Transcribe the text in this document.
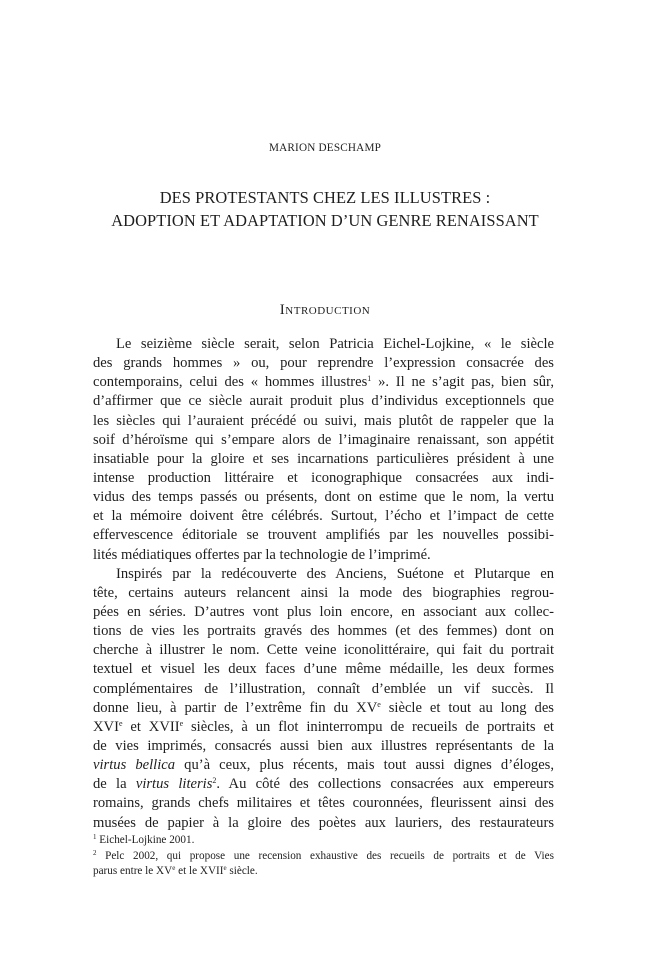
MARION DESCHAMP
DES PROTESTANTS CHEZ LES ILLUSTRES :
ADOPTION ET ADAPTATION D’UN GENRE RENAISSANT
Introduction
Le seizième siècle serait, selon Patricia Eichel-Lojkine, « le siècle
des grands hommes » ou, pour reprendre l’expression consacrée des
contemporains, celui des « hommes illustres$^1$ ». Il ne s’agit pas, bien sûr,
d’affirmer que ce siècle aurait produit plus d’individus exceptionnels que
les siècles qui l’auraient précédé ou suivi, mais plutôt de rappeler que la
soif d’héroïsme qui s’empare alors de l’imaginaire renaissant, son appétit
insatiable pour la gloire et ses incarnations particulières président à une
intense production littéraire et iconographique consacrées aux indi-
vidus des temps passés ou présents, dont on estime que le nom, la vertu
et la mémoire doivent être célébrés. Surtout, l’écho et l’impact de cette
effervescence éditoriale se trouvent amplifiés par les nouvelles possibi-
lités médiatiques offertes par la technologie de l’imprimé.
Inspirés par la redécouverte des Anciens, Suétone et Plutarque en
tête, certains auteurs relancent ainsi la mode des biographies regrou-
pées en séries. D’autres vont plus loin encore, en associant aux collec-
tions de vies les portraits gravés des hommes (et des femmes) dont on
cherche à illustrer le nom. Cette veine iconolittéraire, qui fait du portrait
textuel et visuel les deux faces d’une même médaille, les deux formes
complémentaires de l’illustration, connaît d’emblée un vif succès. Il
donne lieu, à partir de l’extrême fin du XVe siècle et tout au long des
XVIe et XVIIe siècles, à un flot ininterrompu de recueils de portraits et
de vies imprimés, consacrés aussi bien aux illustres représentants de la
virtus bellica qu’à ceux, plus récents, mais tout aussi dignes d’éloges,
de la virtus literis$^2$. Au côté des collections consacrées aux empereurs
romains, grands chefs militaires et têtes couronnées, fleurissent ainsi des
musées de papier à la gloire des poètes aux lauriers, des restaurateurs
$^1$ Eichel-Lojkine 2001.
$^2$ Pelc 2002, qui propose une recension exhaustive des recueils de portraits et de Vies
parus entre le XVe et le XVIIe siècle.
